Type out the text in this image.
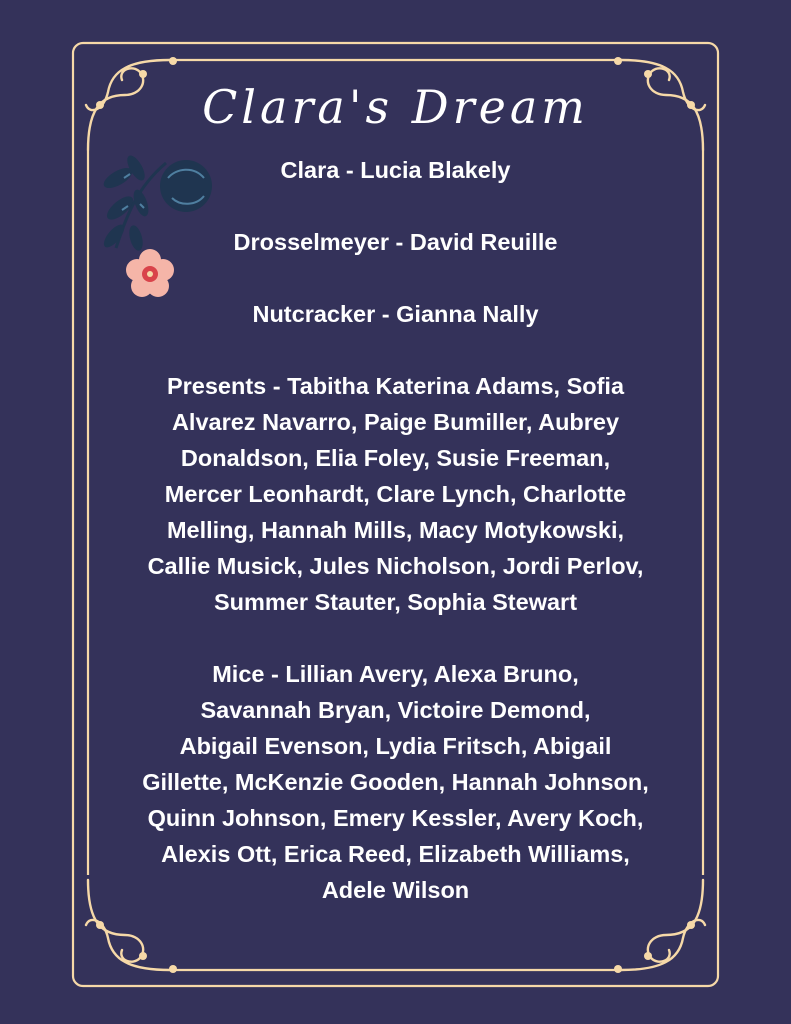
Clara's Dream

Clara - Lucia Blakely

Drosselmeyer - David Reuille

Nutcracker - Gianna Nally

Presents - Tabitha Katerina Adams, Sofia

Alvarez Navarro, Paige Bumiller, Aubrey

Donaldson, Elia Foley, Susie Freeman,

Mercer Leonhardt, Clare Lynch, Charlotte

Melling, Hannah Mills, Macy Motykowski,

Callie Musick, Jules Nicholson, Jordi Perlov,

Summer Stauter, Sophia Stewart

Mice - Lillian Avery, Alexa Bruno,

Savannah Bryan, Victoire Demond,

Abigail Evenson, Lydia Fritsch, Abigail

Gillette, McKenzie Gooden, Hannah Johnson,

Quinn Johnson, Emery Kessler, Avery Koch,

Alexis Ott, Erica Reed, Elizabeth Williams,

Adele Wilson
